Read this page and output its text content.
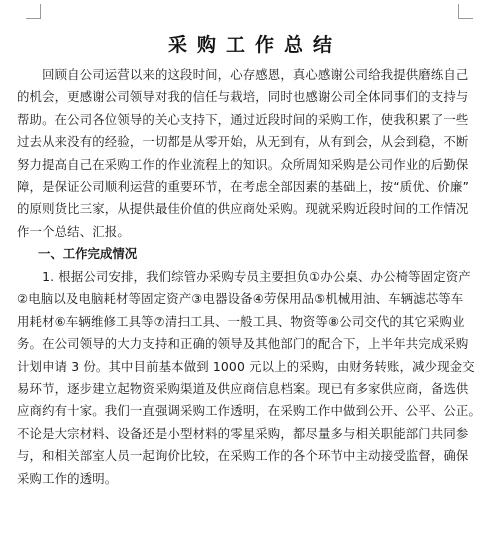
采购工作总结
　　回顾自公司运营以来的这段时间，心存感恩，真心感谢公司给我提供磨练自己
的机会，更感谢公司领导对我的信任与栽培，同时也感谢公司全体同事们的支持与
帮助。在公司各位领导的关心支持下，通过近段时间的采购工作，使我积累了一些
过去从来没有的经验，一切都是从零开始，从无到有，从有到会，从会到稳，不断
努力提高自己在采购工作的作业流程上的知识。众所周知采购是公司作业的后勤保
障，是保证公司顺利运营的重要环节，在考虑全部因素的基础上，按“质优、价廉”
的原则货比三家，从提供最佳价值的供应商处采购。现就采购近段时间的工作情况
作一个总结、汇报。
一、工作完成情况
　　1. 根据公司安排，我们综管办采购专员主要担负①办公桌、办公椅等固定资产
②电脑以及电脑耗材等固定资产③电器设备④劳保用品⑤机械用油、车辆滤芯等车
用耗材⑥车辆维修工具等⑦清扫工具、一般工具、物资等⑧公司交代的其它采购业
务。在公司领导的大力支持和正确的领导及其他部门的配合下，上半年共完成采购
计划申请 3 份。其中目前基本做到 1000 元以上的采购，由财务转账，减少现金交
易环节，逐步建立起物资采购渠道及供应商信息档案。现已有多家供应商，备选供
应商约有十家。我们一直强调采购工作透明，在采购工作中做到公开、公平、公正。
不论是大宗材料、设备还是小型材料的零星采购，都尽量多与相关职能部门共同参
与，和相关部室人员一起询价比较，在采购工作的各个环节中主动接受监督，确保
采购工作的透明。
